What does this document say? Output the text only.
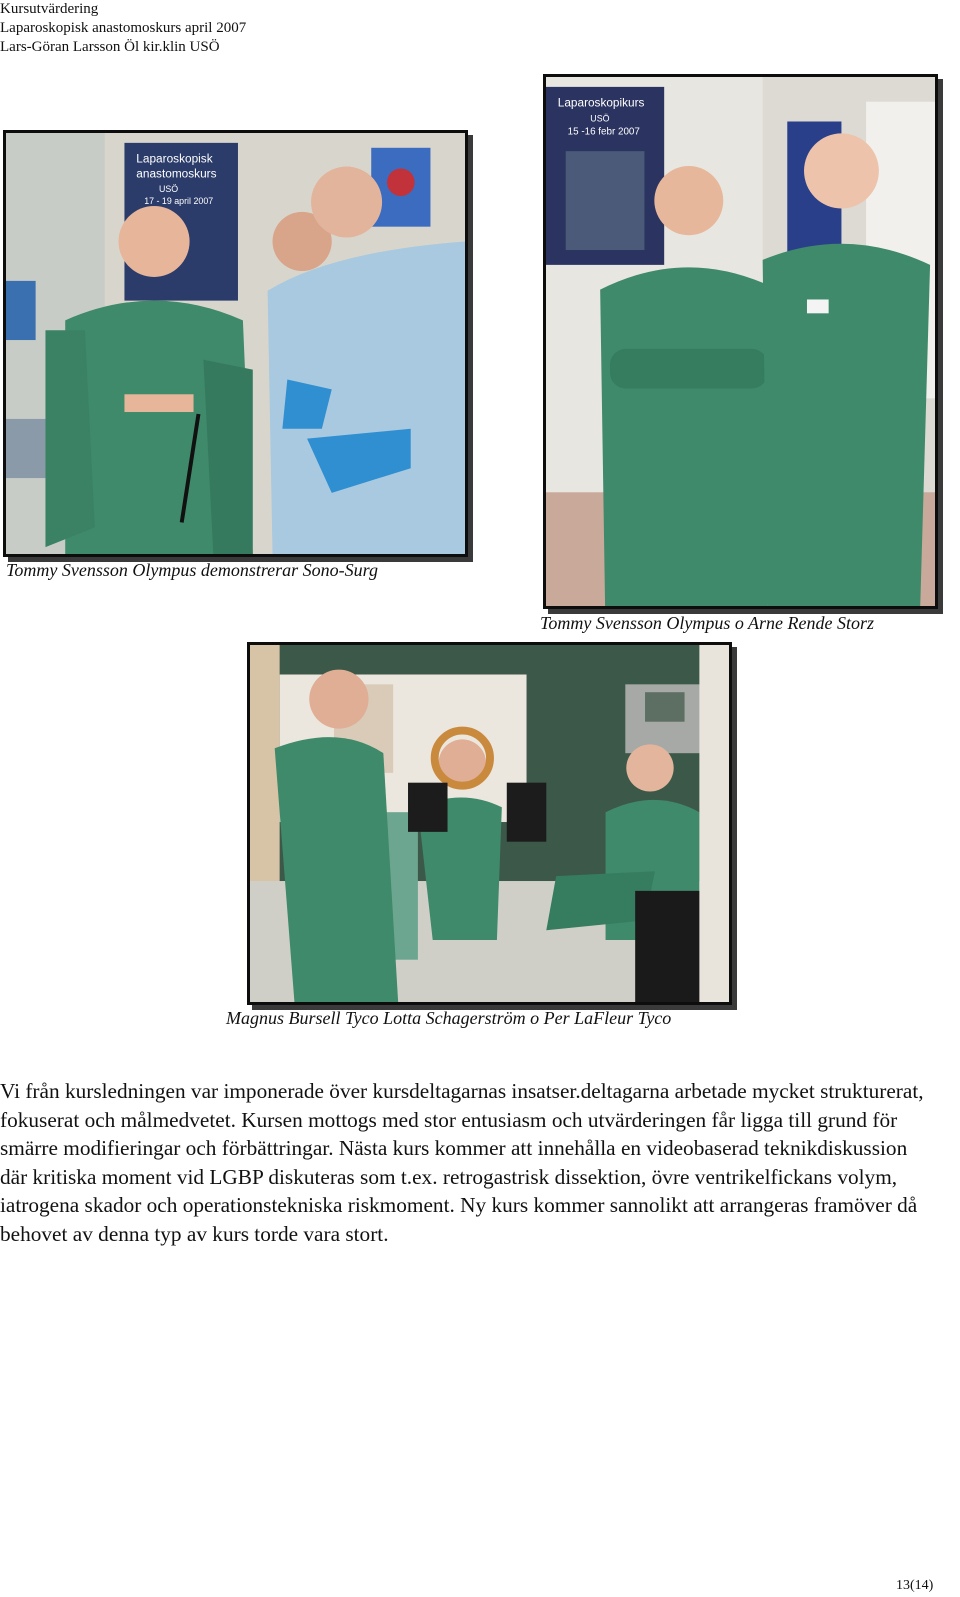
Kursutvärdering
Laparoskopisk anastomoskurs april 2007
Lars-Göran Larsson Öl kir.klin USÖ
Laparoskopisk
anastomoskurs
USÖ
17 - 19 april 2007
Tommy Svensson Olympus demonstrerar Sono-Surg
Laparoskopikurs
USÖ
15 -16 febr 2007
Tommy Svensson Olympus o Arne Rende Storz
Magnus Bursell Tyco Lotta Schagerström o Per LaFleur Tyco
Vi från kursledningen var imponerade över kursdeltagarnas insatser.deltagarna arbetade mycket strukturerat, fokuserat och målmedvetet. Kursen mottogs med stor entusiasm och utvärderingen får ligga till grund för smärre modifieringar och förbättringar. Nästa kurs kommer att innehålla en videobaserad teknikdiskussion där kritiska moment vid LGBP diskuteras som t.ex. retrogastrisk dissektion, övre ventrikelfickans volym, iatrogena skador och operationstekniska riskmoment. Ny kurs kommer sannolikt att arrangeras framöver då behovet av denna typ av kurs torde vara stort.
13(14)
